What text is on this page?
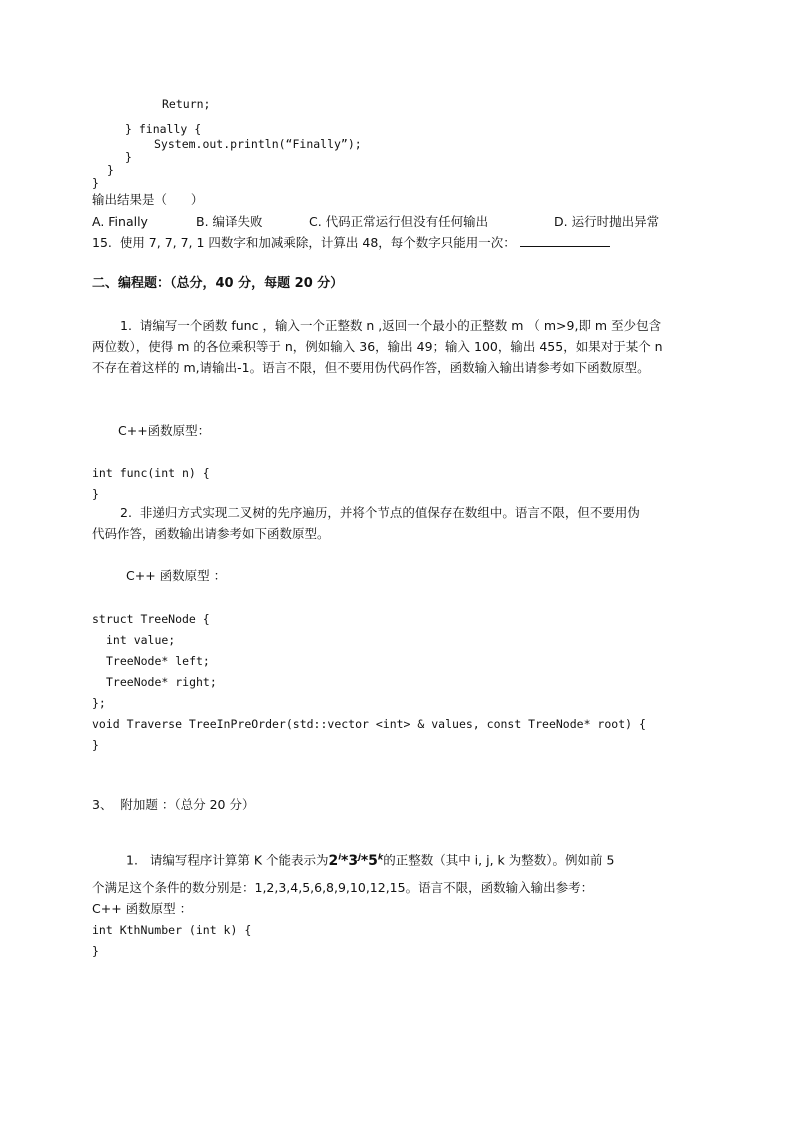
Return;
} finally {
System.out.println(“Finally”);
}
}
}
输出结果是（      ）
A. Finally	B. 编译失败	C. 代码正常运行但没有任何输出	D. 运行时抛出异常
15.  使用 7, 7, 7, 1 四数字和加减乘除，计算出 48，每个数字只能用一次：
二、编程题：（总分，40 分，每题 20 分）
1.  请编写一个函数 func ，输入一个正整数 n ,返回一个最小的正整数 m （ m>9,即 m 至少包含
两位数），使得 m 的各位乘积等于 n，例如输入 36，输出 49；输入 100，输出 455，如果对于某个 n
不存在着这样的 m,请输出-1。语言不限，但不要用伪代码作答，函数输入输出请参考如下函数原型。
C++函数原型：
int func(int n) {
}
2.  非递归方式实现二叉树的先序遍历，并将个节点的值保存在数组中。语言不限，但不要用伪
代码作答，函数输出请参考如下函数原型。
C++ 函数原型 ：
struct TreeNode {
int value;
TreeNode* left;
TreeNode* right;
};
void Traverse TreeInPreOrder(std::vector <int> & values, const TreeNode* root) {
}
3、  附加题 ：（总分 20 分）
1.   请编写程序计算第 K 个能表示为2$^i$*3$^j$*5$^k$的正整数（其中 i, j, k 为整数）。例如前 5
个满足这个条件的数分别是：1,2,3,4,5,6,8,9,10,12,15。语言不限，函数输入输出参考：
C++ 函数原型 ：
int KthNumber (int k) {
}
